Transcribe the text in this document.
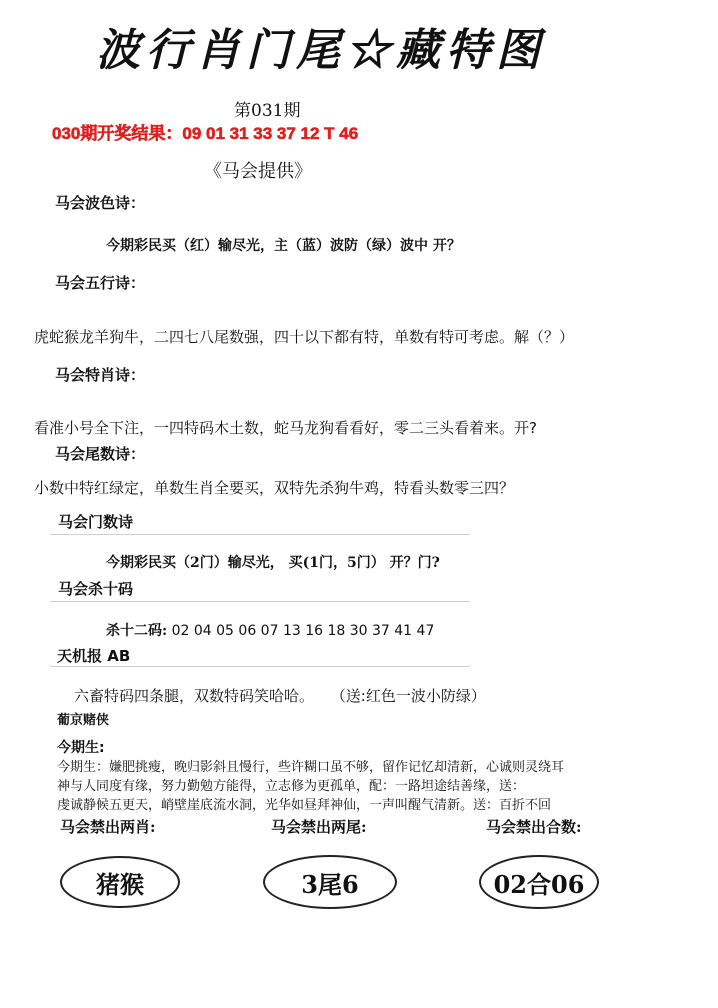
波行肖门尾☆藏特图
第031期
030期开奖结果：09 01 31 33 37 12 T 46
《马会提供》
马会波色诗：
今期彩民买（红）输尽光，主（蓝）波防（绿）波中 开？
马会五行诗：
虎蛇猴龙羊狗牛，二四七八尾数强，四十以下都有特，单数有特可考虑。解（？）
马会特肖诗：
看准小号全下注，一四特码木土数，蛇马龙狗看看好，零二三头看着来。开?
马会尾数诗：
小数中特红绿定，单数生肖全要买，双特先杀狗牛鸡，特看头数零三四？
马会门数诗
今期彩民买（2门）输尽光， 买(1门，5门） 开？门?
马会杀十码
杀十二码: 02 04 05 06 07 13 16 18 30 37 41 47
天机报 AB
六畜特码四条腿，双数特码笑哈哈。 （送:红色一波小防绿）
葡京赌侠
今期生:
今期生：嫌肥挑瘦，晚归影斜且慢行，些许糊口虽不够，留作记忆却清新，心诚则灵绕耳
神与人同度有缘，努力勤勉方能得，立志修为更孤单，配：一路坦途结善缘，送：
虔诚静候五更天，峭壁崖底流水洞，光华如昼拜神仙，一声叫醒气清新。送：百折不回
马会禁出两肖:	马会禁出两尾:	马会禁出合数:
猪猴	3尾6	02合06
